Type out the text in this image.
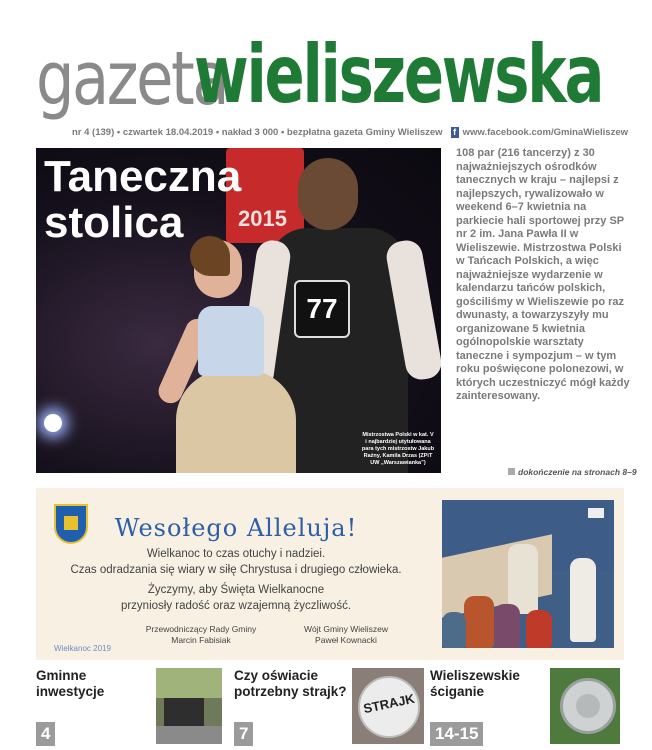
gazeta
wieliszewska
nr 4 (139) • czwartek 18.04.2019 • nakład 3 000 • bezpłatna gazeta Gminy Wieliszew f www.facebook.com/GminaWieliszew
2015
77
Taneczna
stolica
Mistrzostwa Polski w kat. V i najbardziej utytułowana para tych mistrzostw Jakub Rażny, Kamila Drzas (ZPiT UW „Warszawianka”)
108 par (216 tancerzy) z 30 najważniejszych ośrodków tanecznych w kraju – najlepsi z najlepszych, rywalizowało w weekend 6–7 kwietnia na parkiecie hali sportowej przy SP nr 2 im. Jana Pawła II w Wieliszewie. Mistrzostwa Polski w Tańcach Polskich, a więc najważniejsze wydarzenie w kalendarzu tańców polskich, gościliśmy w Wieliszewie po raz dwunasty, a towarzyszyły mu organizowane 5 kwietnia ogólnopolskie warsztaty taneczne i sympozjum – w tym roku poświęcone polonezowi, w których uczestniczyć mógł każdy zainteresowany.
dokończenie na stronach 8–9
Wesołego Alleluja!
Wielkanoc to czas otuchy i nadziei.
Czas odradzania się wiary w siłę Chrystusa i drugiego człowieka.
Życzymy, aby Święta Wielkanocne
przyniosły radość oraz wzajemną życzliwość.
Przewodniczący Rady Gminy
Marcin Fabisiak
Wójt Gminy Wieliszew
Paweł Kownacki
Wielkanoc 2019
Gminne
inwestycje
4
Czy oświacie
potrzebny strajk?
7
STRAJK
Wieliszewskie
ściganie
14-15
